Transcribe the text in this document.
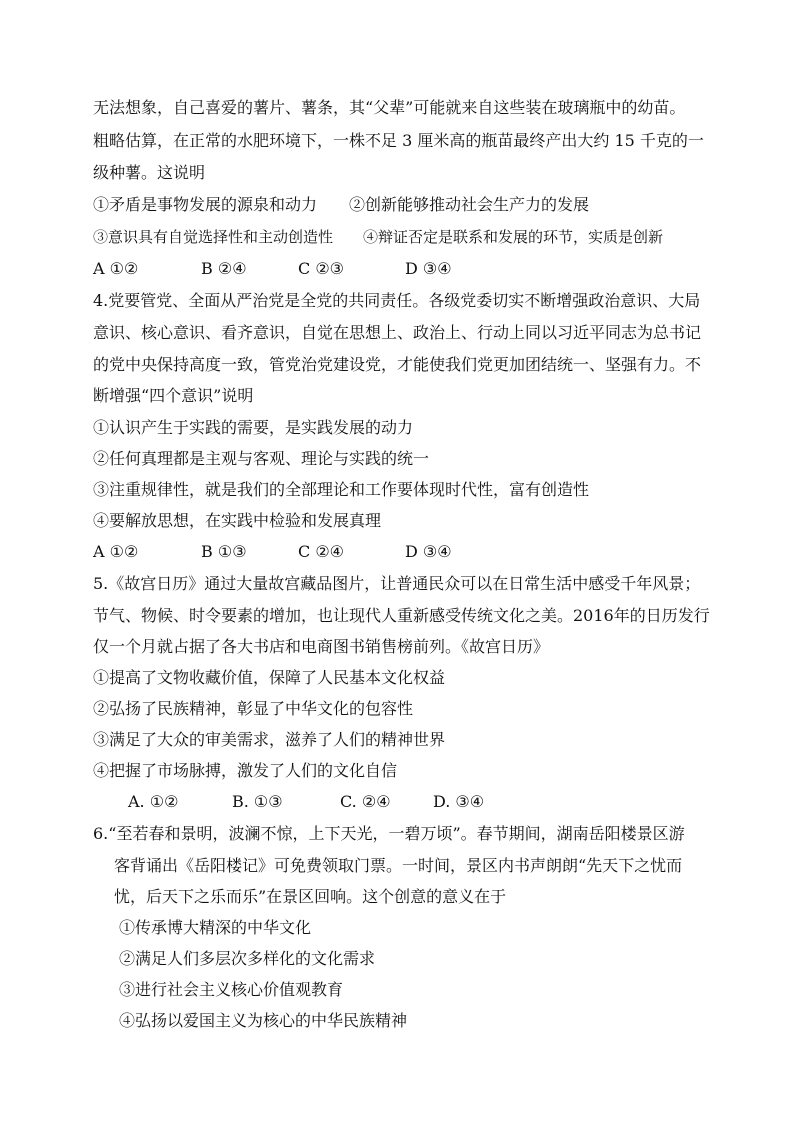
无法想象，自己喜爱的薯片、薯条，其“父辈”可能就来自这些装在玻璃瓶中的幼苗。
粗略估算，在正常的水肥环境下，一株不足 3 厘米高的瓶苗最终产出大约 15 千克的一
级种薯。这说明
①矛盾是事物发展的源泉和动力　　②创新能够推动社会生产力的发展
③意识具有自觉选择性和主动创造性　　④辩证否定是联系和发展的环节，实质是创新
A ①②	B ②④	C ②③	D ③④
4.党要管党、全面从严治党是全党的共同责任。各级党委切实不断增强政治意识、大局
意识、核心意识、看齐意识，自觉在思想上、政治上、行动上同以习近平同志为总书记
的党中央保持高度一致，管党治党建设党，才能使我们党更加团结统一、坚强有力。不
断增强“四个意识”说明
①认识产生于实践的需要，是实践发展的动力
②任何真理都是主观与客观、理论与实践的统一
③注重规律性，就是我们的全部理论和工作要体现时代性，富有创造性
④要解放思想，在实践中检验和发展真理
A ①②	B ①③	C ②④	D ③④
5.《故宫日历》通过大量故宫藏品图片，让普通民众可以在日常生活中感受千年风景；
节气、物候、时令要素的增加，也让现代人重新感受传统文化之美。2016年的日历发行
仅一个月就占据了各大书店和电商图书销售榜前列。《故宫日历》
①提高了文物收藏价值，保障了人民基本文化权益
②弘扬了民族精神，彰显了中华文化的包容性
③满足了大众的审美需求，滋养了人们的精神世界
④把握了市场脉搏，激发了人们的文化自信
A. ①②	B. ①③	C. ②④	D. ③④
6.“至若春和景明，波澜不惊，上下天光，一碧万顷”。春节期间，湖南岳阳楼景区游
客背诵出《岳阳楼记》可免费领取门票。一时间，景区内书声朗朗“先天下之忧而
忧，后天下之乐而乐”在景区回响。这个创意的意义在于
①传承博大精深的中华文化
②满足人们多层次多样化的文化需求
③进行社会主义核心价值观教育
④弘扬以爱国主义为核心的中华民族精神
